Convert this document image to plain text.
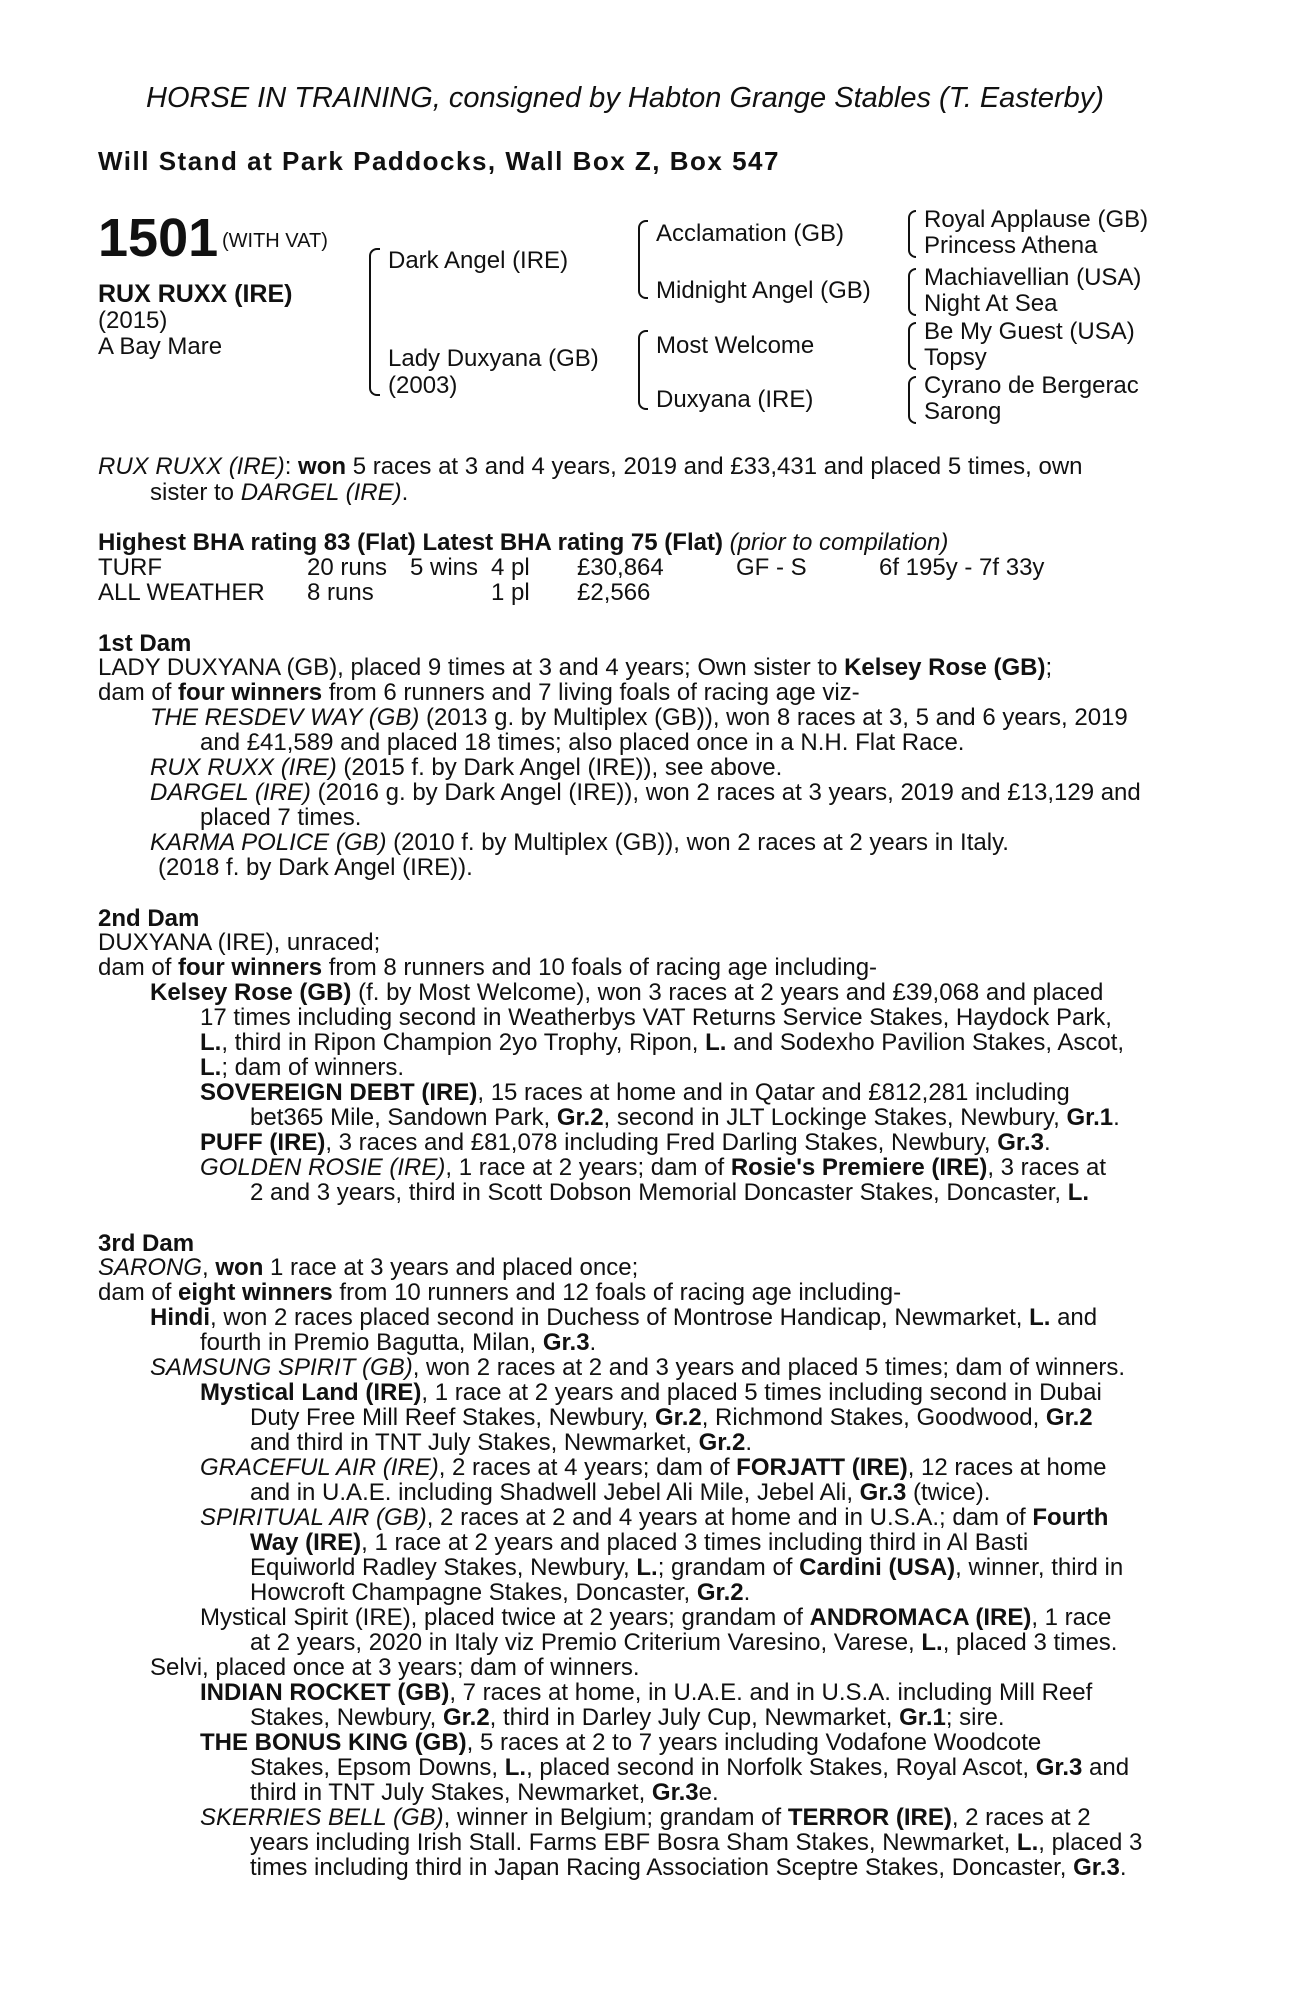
HORSE IN TRAINING, consigned by Habton Grange Stables (T. Easterby)
Will Stand at Park Paddocks, Wall Box Z, Box 547
1501 (WITH VAT)
RUX RUXX (IRE)
(2015)
A Bay Mare
Dark Angel (IRE)
Lady Duxyana (GB)
(2003)
Acclamation (GB)
Midnight Angel (GB)
Most Welcome
Duxyana (IRE)
Royal Applause (GB)
Princess Athena
Machiavellian (USA)
Night At Sea
Be My Guest (USA)
Topsy
Cyrano de Bergerac
Sarong
RUX RUXX (IRE): won 5 races at 3 and 4 years, 2019 and £33,431 and placed 5 times, own
sister to DARGEL (IRE).
Highest BHA rating 83 (Flat) Latest BHA rating 75 (Flat) (prior to compilation)
TURF	20 runs 5 wins 4 pl £30,864	GF - S	6f 195y - 7f 33y
ALL WEATHER 8 runs	1 pl £2,566
1st Dam
LADY DUXYANA (GB), placed 9 times at 3 and 4 years; Own sister to Kelsey Rose (GB);
dam of four winners from 6 runners and 7 living foals of racing age viz-
THE RESDEV WAY (GB) (2013 g. by Multiplex (GB)), won 8 races at 3, 5 and 6 years, 2019
and £41,589 and placed 18 times; also placed once in a N.H. Flat Race.
RUX RUXX (IRE) (2015 f. by Dark Angel (IRE)), see above.
DARGEL (IRE) (2016 g. by Dark Angel (IRE)), won 2 races at 3 years, 2019 and £13,129 and
placed 7 times.
KARMA POLICE (GB) (2010 f. by Multiplex (GB)), won 2 races at 2 years in Italy.
(2018 f. by Dark Angel (IRE)).
2nd Dam
DUXYANA (IRE), unraced;
dam of four winners from 8 runners and 10 foals of racing age including-
Kelsey Rose (GB) (f. by Most Welcome), won 3 races at 2 years and £39,068 and placed
17 times including second in Weatherbys VAT Returns Service Stakes, Haydock Park,
L., third in Ripon Champion 2yo Trophy, Ripon, L. and Sodexho Pavilion Stakes, Ascot,
L.; dam of winners.
SOVEREIGN DEBT (IRE), 15 races at home and in Qatar and £812,281 including
bet365 Mile, Sandown Park, Gr.2, second in JLT Lockinge Stakes, Newbury, Gr.1.
PUFF (IRE), 3 races and £81,078 including Fred Darling Stakes, Newbury, Gr.3.
GOLDEN ROSIE (IRE), 1 race at 2 years; dam of Rosie's Premiere (IRE), 3 races at
2 and 3 years, third in Scott Dobson Memorial Doncaster Stakes, Doncaster, L.
3rd Dam
SARONG, won 1 race at 3 years and placed once;
dam of eight winners from 10 runners and 12 foals of racing age including-
Hindi, won 2 races placed second in Duchess of Montrose Handicap, Newmarket, L. and
fourth in Premio Bagutta, Milan, Gr.3.
SAMSUNG SPIRIT (GB), won 2 races at 2 and 3 years and placed 5 times; dam of winners.
Mystical Land (IRE), 1 race at 2 years and placed 5 times including second in Dubai
Duty Free Mill Reef Stakes, Newbury, Gr.2, Richmond Stakes, Goodwood, Gr.2
and third in TNT July Stakes, Newmarket, Gr.2.
GRACEFUL AIR (IRE), 2 races at 4 years; dam of FORJATT (IRE), 12 races at home
and in U.A.E. including Shadwell Jebel Ali Mile, Jebel Ali, Gr.3 (twice).
SPIRITUAL AIR (GB), 2 races at 2 and 4 years at home and in U.S.A.; dam of Fourth
Way (IRE), 1 race at 2 years and placed 3 times including third in Al Basti
Equiworld Radley Stakes, Newbury, L.; grandam of Cardini (USA), winner, third in
Howcroft Champagne Stakes, Doncaster, Gr.2.
Mystical Spirit (IRE), placed twice at 2 years; grandam of ANDROMACA (IRE), 1 race
at 2 years, 2020 in Italy viz Premio Criterium Varesino, Varese, L., placed 3 times.
Selvi, placed once at 3 years; dam of winners.
INDIAN ROCKET (GB), 7 races at home, in U.A.E. and in U.S.A. including Mill Reef
Stakes, Newbury, Gr.2, third in Darley July Cup, Newmarket, Gr.1; sire.
THE BONUS KING (GB), 5 races at 2 to 7 years including Vodafone Woodcote
Stakes, Epsom Downs, L., placed second in Norfolk Stakes, Royal Ascot, Gr.3 and
third in TNT July Stakes, Newmarket, Gr.3e.
SKERRIES BELL (GB), winner in Belgium; grandam of TERROR (IRE), 2 races at 2
years including Irish Stall. Farms EBF Bosra Sham Stakes, Newmarket, L., placed 3
times including third in Japan Racing Association Sceptre Stakes, Doncaster, Gr.3.
